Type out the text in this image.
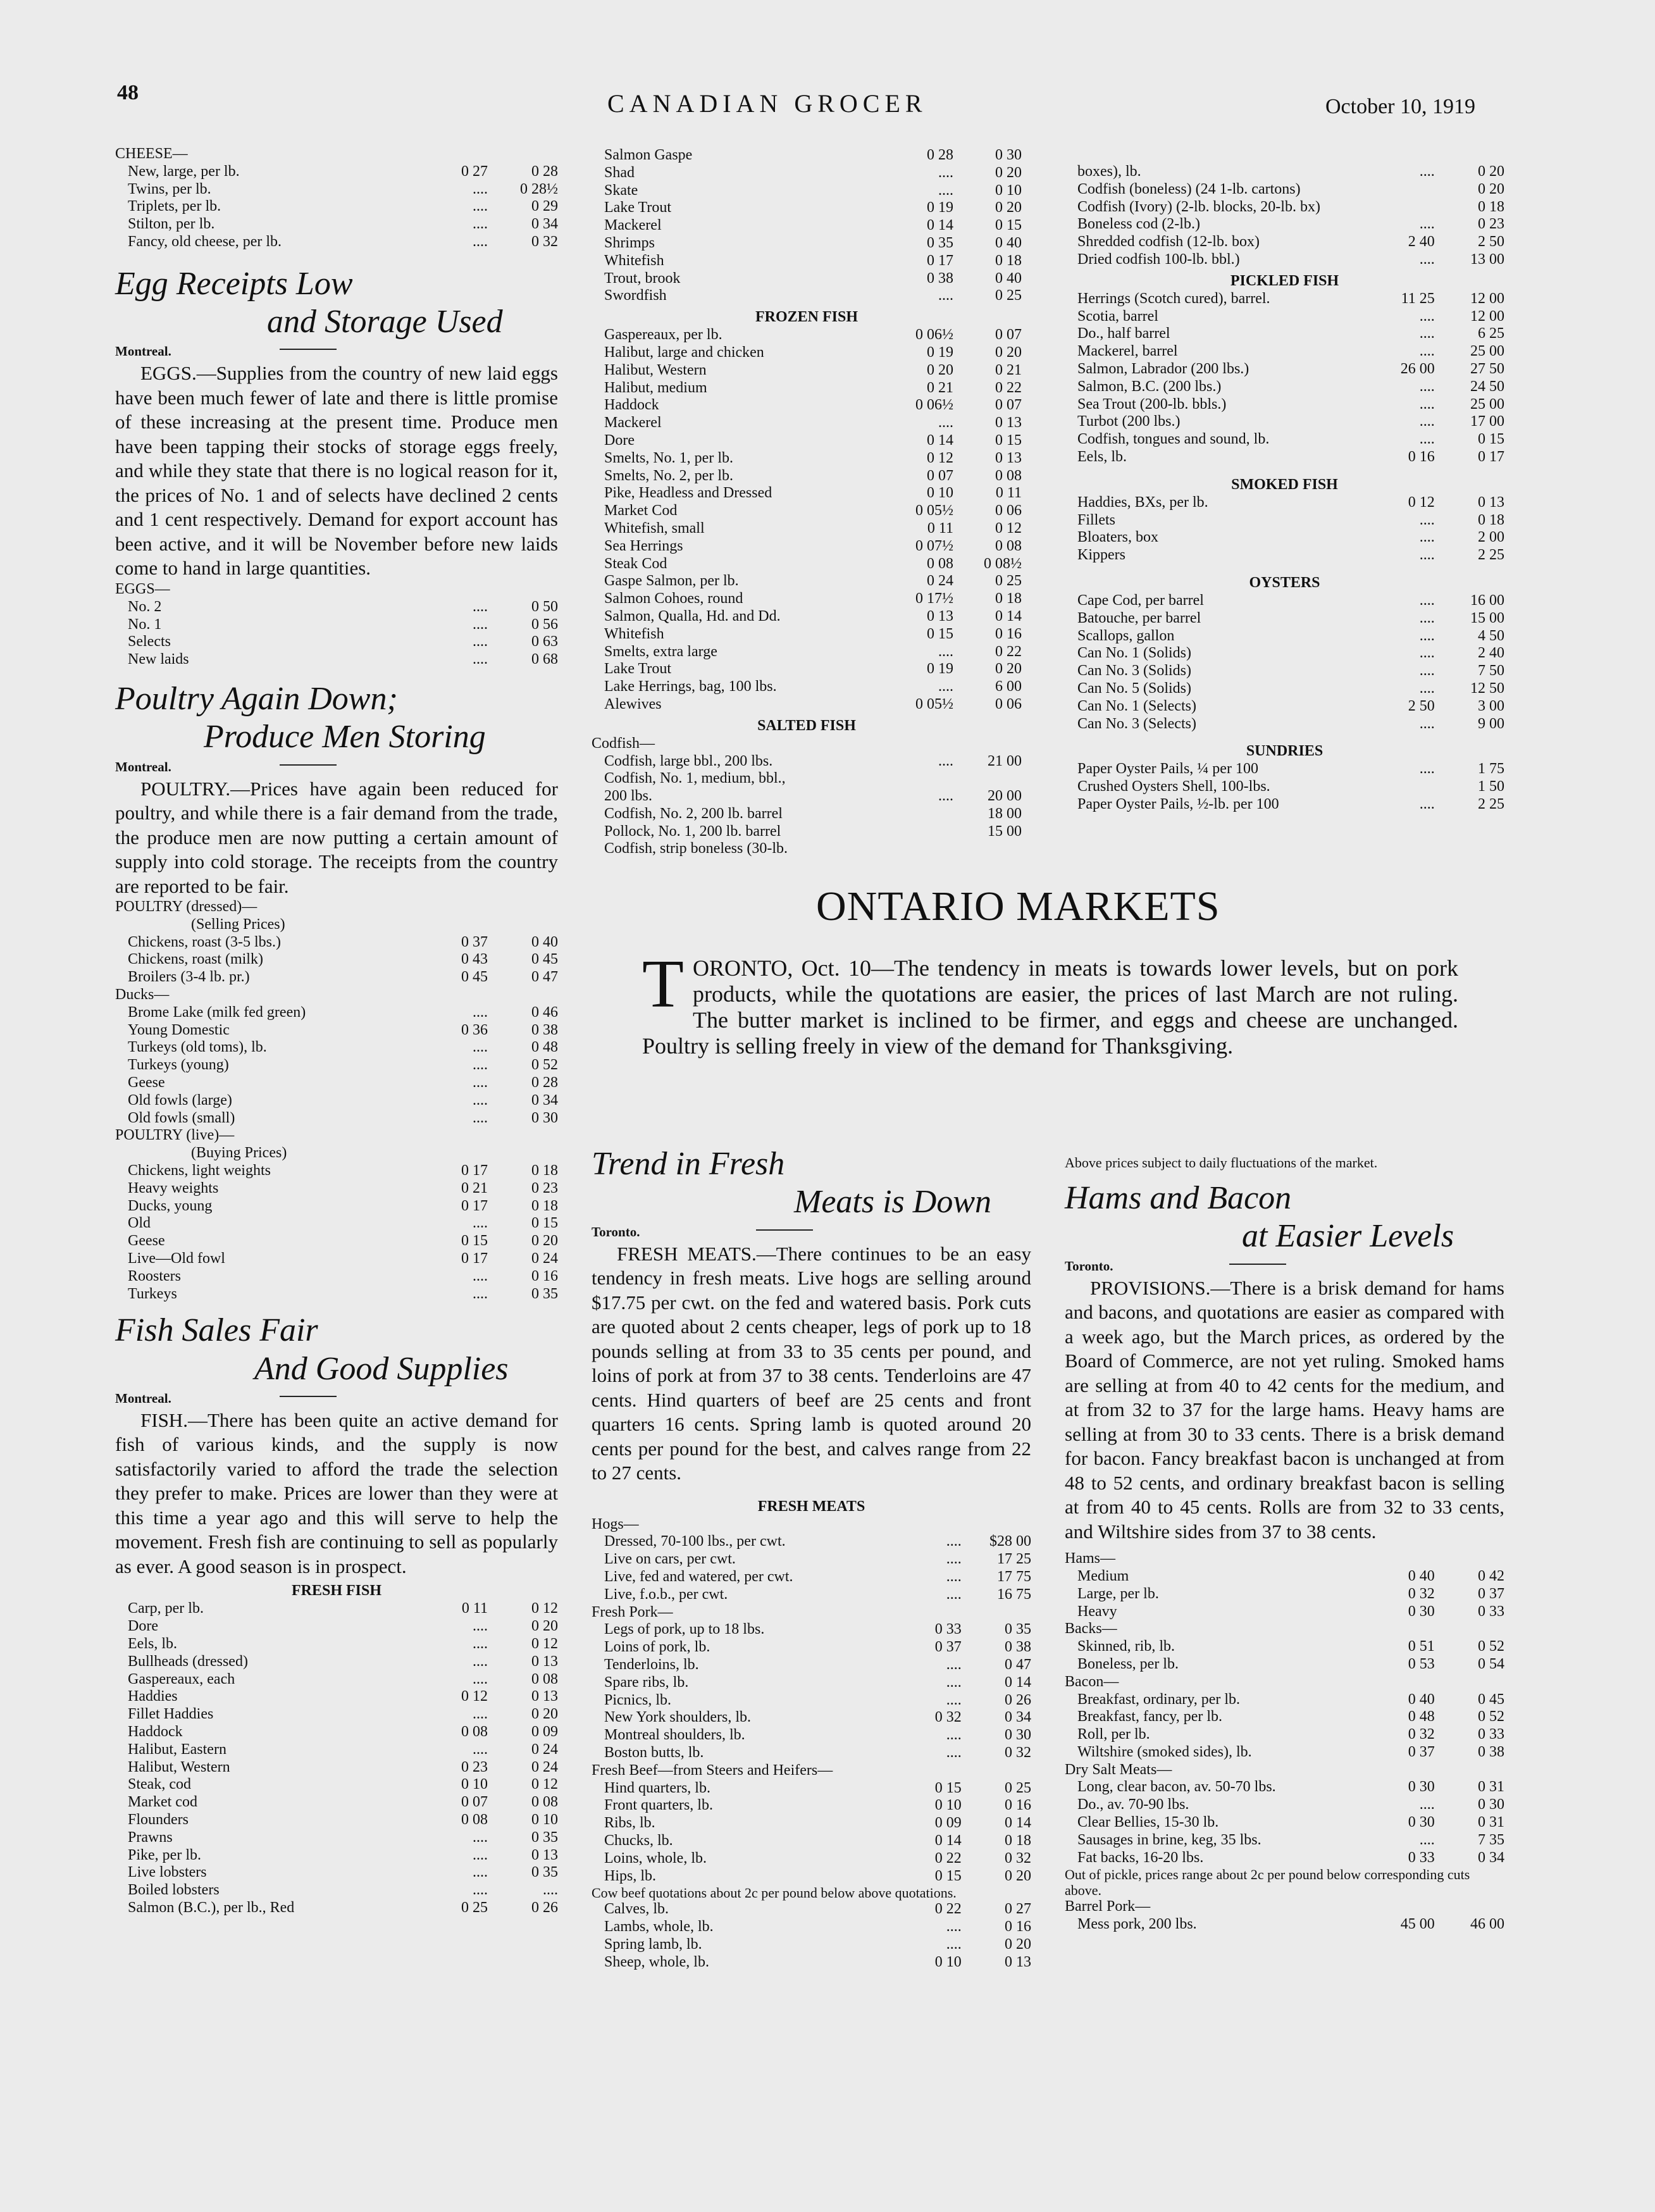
48	CANADIAN GROCER	October 10, 1919
CHEESE—		
New, large, per lb.	0 27	0 28
Twins, per lb.	....	0 28½
Triplets, per lb.	....	0 29
Stilton, per lb.	....	0 34
Fancy, old cheese, per lb.	....	0 32
Egg Receipts Low
and Storage Used
Montreal.

EGGS.—Supplies from the country of new laid eggs have been much fewer of late and there is little promise of these increasing at the present time. Produce men have been tapping their stocks of storage eggs freely, and while they state that there is no logical reason for it, the prices of No. 1 and of selects have declined 2 cents and 1 cent respectively. Demand for export account has been active, and it will be November before new laids come to hand in large quantities.

EGGS—		
No. 2	....	0 50
No. 1	....	0 56
Selects	....	0 63
New laids	....	0 68
Poultry Again Down;
Produce Men Storing
Montreal.

POULTRY.—Prices have again been reduced for poultry, and while there is a fair demand from the trade, the produce men are now putting a certain amount of supply into cold storage. The receipts from the country are reported to be fair.

POULTRY (dressed)—		
(Selling Prices)		
Chickens, roast (3-5 lbs.)	0 37	0 40
Chickens, roast (milk)	0 43	0 45
Broilers (3-4 lb. pr.)	0 45	0 47
Ducks—		
Brome Lake (milk fed green)	....	0 46
Young Domestic	0 36	0 38
Turkeys (old toms), lb.	....	0 48
Turkeys (young)	....	0 52
Geese	....	0 28
Old fowls (large)	....	0 34
Old fowls (small)	....	0 30
POULTRY (live)—		
(Buying Prices)		
Chickens, light weights	0 17	0 18
Heavy weights	0 21	0 23
Ducks, young	0 17	0 18
Old	....	0 15
Geese	0 15	0 20
Live—Old fowl	0 17	0 24
Roosters	....	0 16
Turkeys	....	0 35
Fish Sales Fair
And Good Supplies
Montreal.

FISH.—There has been quite an active demand for fish of various kinds, and the supply is now satisfactorily varied to afford the trade the selection they prefer to make. Prices are lower than they were at this time a year ago and this will serve to help the movement. Fresh fish are continuing to sell as popularly as ever. A good season is in prospect.

FRESH FISH
Carp, per lb.	0 11	0 12
Dore	....	0 20
Eels, lb.	....	0 12
Bullheads (dressed)	....	0 13
Gaspereaux, each	....	0 08
Haddies	0 12	0 13
Fillet Haddies	....	0 20
Haddock	0 08	0 09
Halibut, Eastern	....	0 24
Halibut, Western	0 23	0 24
Steak, cod	0 10	0 12
Market cod	0 07	0 08
Flounders	0 08	0 10
Prawns	....	0 35
Pike, per lb.	....	0 13
Live lobsters	....	0 35
Boiled lobsters	....	....
Salmon (B.C.), per lb., Red	0 25	0 26
Salmon Gaspe	0 28	0 30
Shad	....	0 20
Skate	....	0 10
Lake Trout	0 19	0 20
Mackerel	0 14	0 15
Shrimps	0 35	0 40
Whitefish	0 17	0 18
Trout, brook	0 38	0 40
Swordfish	....	0 25
FROZEN FISH
Gaspereaux, per lb.	0 06½	0 07
Halibut, large and chicken	0 19	0 20
Halibut, Western	0 20	0 21
Halibut, medium	0 21	0 22
Haddock	0 06½	0 07
Mackerel	....	0 13
Dore	0 14	0 15
Smelts, No. 1, per lb.	0 12	0 13
Smelts, No. 2, per lb.	0 07	0 08
Pike, Headless and Dressed	0 10	0 11
Market Cod	0 05½	0 06
Whitefish, small	0 11	0 12
Sea Herrings	0 07½	0 08
Steak Cod	0 08	0 08½
Gaspe Salmon, per lb.	0 24	0 25
Salmon Cohoes, round	0 17½	0 18
Salmon, Qualla, Hd. and Dd.	0 13	0 14
Whitefish	0 15	0 16
Smelts, extra large	....	0 22
Lake Trout	0 19	0 20
Lake Herrings, bag, 100 lbs.	....	6 00
Alewives	0 05½	0 06
SALTED FISH
Codfish—		
Codfish, large bbl., 200 lbs.	....	21 00
Codfish, No. 1, medium, bbl.,		
200 lbs.	....	20 00
Codfish, No. 2, 200 lb. barrel		18 00
Pollock, No. 1, 200 lb. barrel		15 00
Codfish, strip boneless (30-lb.		
boxes), lb.	....	0 20
Codfish (boneless) (24 1-lb. cartons)		0 20
Codfish (Ivory) (2-lb. blocks, 20-lb. bx)		0 18
Boneless cod (2-lb.)	....	0 23
Shredded codfish (12-lb. box)	2 40	2 50
Dried codfish 100-lb. bbl.)	....	13 00
PICKLED FISH
Herrings (Scotch cured), barrel.	11 25	12 00
Scotia, barrel	....	12 00
Do., half barrel	....	6 25
Mackerel, barrel	....	25 00
Salmon, Labrador (200 lbs.)	26 00	27 50
Salmon, B.C. (200 lbs.)	....	24 50
Sea Trout (200-lb. bbls.)	....	25 00
Turbot (200 lbs.)	....	17 00
Codfish, tongues and sound, lb.	....	0 15
Eels, lb.	0 16	0 17
SMOKED FISH
Haddies, BXs, per lb.	0 12	0 13
Fillets	....	0 18
Bloaters, box	....	2 00
Kippers	....	2 25
OYSTERS
Cape Cod, per barrel	....	16 00
Batouche, per barrel	....	15 00
Scallops, gallon	....	4 50
Can No. 1 (Solids)	....	2 40
Can No. 3 (Solids)	....	7 50
Can No. 5 (Solids)	....	12 50
Can No. 1 (Selects)	2 50	3 00
Can No. 3 (Selects)	....	9 00
SUNDRIES
Paper Oyster Pails, ¼ per 100	....	1 75
Crushed Oysters Shell, 100-lbs.		1 50
Paper Oyster Pails, ½-lb. per 100	....	2 25
ONTARIO MARKETS
TORONTO, Oct. 10—The tendency in meats is towards lower levels, but on pork products, while the quotations are easier, the prices of last March are not ruling. The butter market is inclined to be firmer, and eggs and cheese are unchanged. Poultry is selling freely in view of the demand for Thanksgiving.
Trend in Fresh
Meats is Down
Toronto.

FRESH MEATS.—There continues to be an easy tendency in fresh meats. Live hogs are selling around $17.75 per cwt. on the fed and watered basis. Pork cuts are quoted about 2 cents cheaper, legs of pork up to 18 pounds selling at from 33 to 35 cents per pound, and loins of pork at from 37 to 38 cents. Tenderloins are 47 cents. Hind quarters of beef are 25 cents and front quarters 16 cents. Spring lamb is quoted around 20 cents per pound for the best, and calves range from 22 to 27 cents.

FRESH MEATS
Hogs—		
Dressed, 70-100 lbs., per cwt.	....	$28 00
Live on cars, per cwt.	....	17 25
Live, fed and watered, per cwt.	....	17 75
Live, f.o.b., per cwt.	....	16 75
Fresh Pork—		
Legs of pork, up to 18 lbs.	0 33	0 35
Loins of pork, lb.	0 37	0 38
Tenderloins, lb.	....	0 47
Spare ribs, lb.	....	0 14
Picnics, lb.	....	0 26
New York shoulders, lb.	0 32	0 34
Montreal shoulders, lb.	....	0 30
Boston butts, lb.	....	0 32
Fresh Beef—from Steers and Heifers—		
Hind quarters, lb.	0 15	0 25
Front quarters, lb.	0 10	0 16
Ribs, lb.	0 09	0 14
Chucks, lb.	0 14	0 18
Loins, whole, lb.	0 22	0 32
Hips, lb.	0 15	0 20
Cow beef quotations about 2c per pound below above quotations.
Calves, lb.	0 22	0 27
Lambs, whole, lb.	....	0 16
Spring lamb, lb.	....	0 20
Sheep, whole, lb.	0 10	0 13
Above prices subject to daily fluctuations of the market.
Hams and Bacon
at Easier Levels
Toronto.

PROVISIONS.—There is a brisk demand for hams and bacons, and quotations are easier as compared with a week ago, but the March prices, as ordered by the Board of Commerce, are not yet ruling. Smoked hams are selling at from 40 to 42 cents for the medium, and at from 32 to 37 for the large hams. Heavy hams are selling at from 30 to 33 cents. There is a brisk demand for bacon. Fancy breakfast bacon is unchanged at from 48 to 52 cents, and ordinary breakfast bacon is selling at from 40 to 45 cents. Rolls are from 32 to 33 cents, and Wiltshire sides from 37 to 38 cents.

Hams—		
Medium	0 40	0 42
Large, per lb.	0 32	0 37
Heavy	0 30	0 33
Backs—		
Skinned, rib, lb.	0 51	0 52
Boneless, per lb.	0 53	0 54
Bacon—		
Breakfast, ordinary, per lb.	0 40	0 45
Breakfast, fancy, per lb.	0 48	0 52
Roll, per lb.	0 32	0 33
Wiltshire (smoked sides), lb.	0 37	0 38
Dry Salt Meats—		
Long, clear bacon, av. 50-70 lbs.	0 30	0 31
Do., av. 70-90 lbs.	....	0 30
Clear Bellies, 15-30 lb.	0 30	0 31
Sausages in brine, keg, 35 lbs.	....	7 35
Fat backs, 16-20 lbs.	0 33	0 34
Out of pickle, prices range about 2c per pound below corresponding cuts above.
Barrel Pork—		
Mess pork, 200 lbs.	45 00	46 00
